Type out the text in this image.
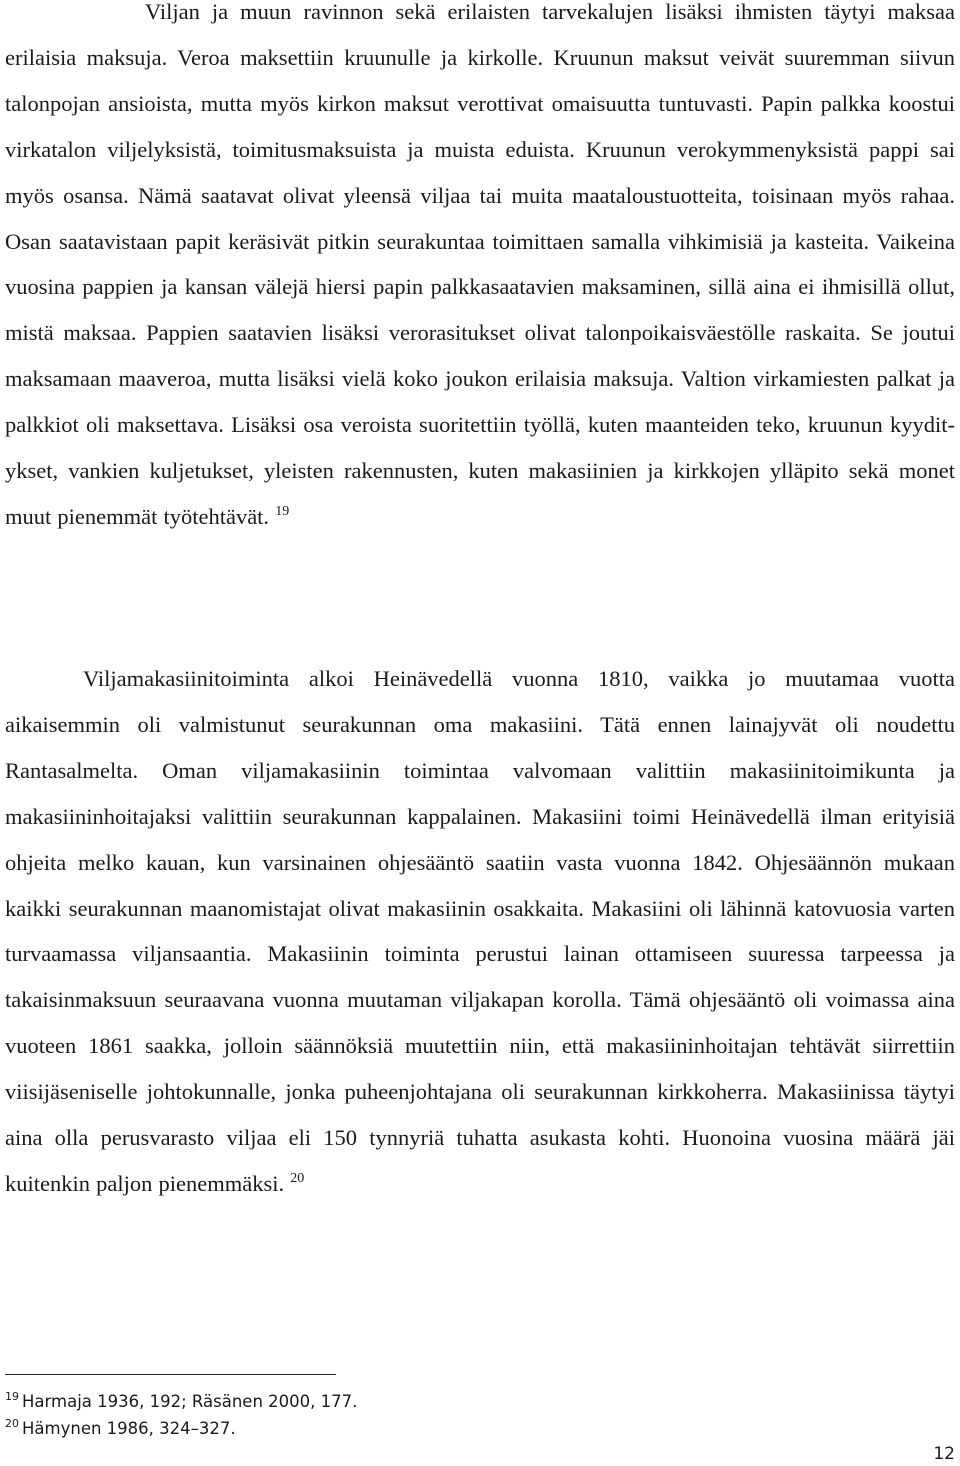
Viljan ja muun ravinnon sekä erilaisten tarvekalujen lisäksi ihmisten täytyi maksaa erilaisia maksuja. Veroa maksettiin kruunulle ja kirkolle. Kruunun maksut veivät suuremman siivun talonpojan ansioista, mutta myös kirkon maksut verottivat omaisuutta tuntuvasti. Papin palkka koostui virkatalon viljelyksistä, toimitusmaksuista ja muista eduista. Kruunun verokymmenyksistä pappi sai myös osansa. Nämä saatavat olivat yleensä viljaa tai muita maataloustuotteita, toisinaan myös rahaa. Osan saatavistaan papit keräsivät pitkin seurakuntaa toimittaen samalla vihkimisiä ja kasteita. Vaikeina vuosina pappien ja kansan välejä hiersi papin palkkasaatavien maksaminen, sillä aina ei ihmisillä ollut, mistä maksaa. Pappien saatavien lisäksi verorasitukset olivat talonpoikaisväestölle raskaita. Se joutui maksamaan maaveroa, mutta lisäksi vielä koko joukon erilaisia maksuja. Valtion virkamiesten palkat ja palkkiot oli maksettava. Lisäksi osa veroista suoritettiin työllä, kuten maanteiden teko, kruunun kyyditykset, vankien kuljetukset, yleisten rakennusten, kuten makasiinien ja kirkkojen ylläpito sekä monet muut pienemmät työtehtävät. $^{19}$

Viljamakasiinitoiminta alkoi Heinävedellä vuonna 1810, vaikka jo muutamaa vuotta aikaisemmin oli valmistunut seurakunnan oma makasiini. Tätä ennen lainajyvät oli noudettu Rantasalmelta. Oman viljamakasiinin toimintaa valvomaan valittiin makasiinitoimikunta ja makasiininhoitajaksi valittiin seurakunnan kappalainen. Makasiini toimi Heinävedellä ilman erityisiä ohjeita melko kauan, kun varsinainen ohjesääntö saatiin vasta vuonna 1842. Ohjesäännön mukaan kaikki seurakunnan maanomistajat olivat makasiinin osakkaita. Makasiini oli lähinnä katovuosia varten turvaamassa viljansaantia. Makasiinin toiminta perustui lainan ottamiseen suuressa tarpeessa ja takaisinmaksuun seuraavana vuonna muutaman viljakapan korolla. Tämä ohjesääntö oli voimassa aina vuoteen 1861 saakka, jolloin säännöksiä muutettiin niin, että makasiininhoitajan tehtävät siirrettiin viisijäseniselle johtokunnalle, jonka puheenjohtajana oli seurakunnan kirkkoherra. Makasiinissa täytyi aina olla perusvarasto viljaa eli 150 tynnyriä tuhatta asukasta kohti. Huonoina vuosina määrä jäi kuitenkin paljon pienemmäksi. $^{20}$

$^{19}$ Harmaja 1936, 192; Räsänen 2000, 177.
$^{20}$ Hämynen 1986, 324–327.
12
